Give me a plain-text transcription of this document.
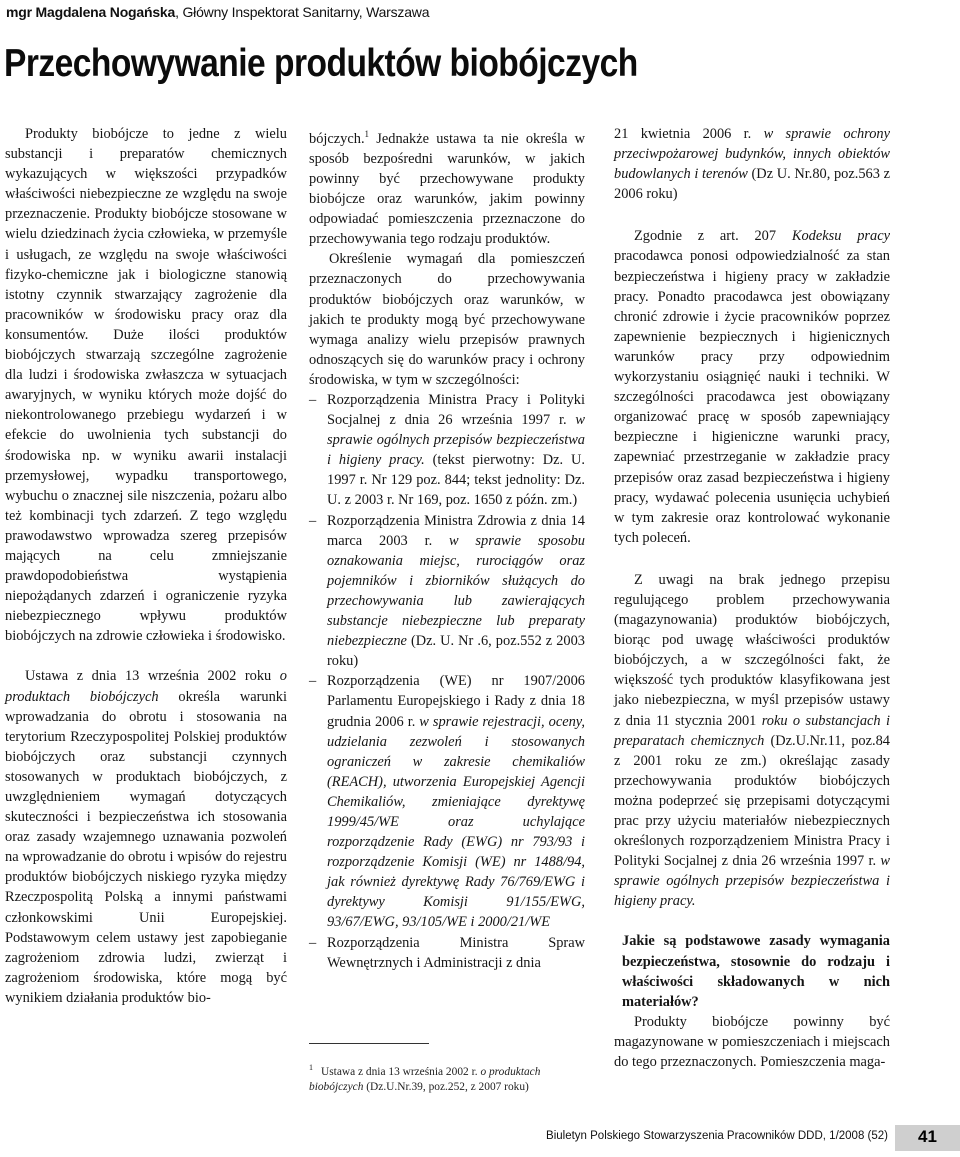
mgr Magdalena Nogańska, Główny Inspektorat Sanitarny, Warszawa
Przechowywanie produktów biobójczych

Produkty biobójcze to jedne z wielu substancji i preparatów chemicznych wykazujących w większości przypadków właściwości niebezpieczne ze względu na swoje przeznaczenie. Produkty biobójcze stosowane w wielu dziedzinach życia człowieka, w przemyśle i usługach, ze względu na swoje właściwości fizyko-chemiczne jak i biologiczne stanowią istotny czynnik stwarzający zagrożenie dla pracowników w środowisku pracy oraz dla konsumentów. Duże ilości produktów biobójczych stwarzają szczególne zagrożenie dla ludzi i środowiska zwłaszcza w sytuacjach awaryjnych, w wyniku których może dojść do niekontrolowanego przebiegu wydarzeń i w efekcie do uwolnienia tych substancji do środowiska np. w wyniku awarii instalacji przemysłowej, wypadku transportowego, wybuchu o znacznej sile niszczenia, pożaru albo też kombinacji tych zdarzeń. Z tego względu prawodawstwo wprowadza szereg przepisów mających na celu zmniejszanie prawdopodobieństwa wystąpienia niepożądanych zdarzeń i ograniczenie ryzyka niebezpiecznego wpływu produktów biobójczych na zdrowie człowieka i środowisko.

Ustawa z dnia 13 września 2002 roku o produktach biobójczych określa warunki wprowadzania do obrotu i stosowania na terytorium Rzeczypospolitej Polskiej produktów biobójczych oraz substancji czynnych stosowanych w produktach biobójczych, z uwzględnieniem wymagań dotyczących skuteczności i bezpieczeństwa ich stosowania oraz zasady wzajemnego uznawania pozwoleń na wprowadzanie do obrotu i wpisów do rejestru produktów biobójczych niskiego ryzyka między Rzeczpospolitą Polską a innymi państwami członkowskimi Unii Europejskiej. Podstawowym celem ustawy jest zapobieganie zagrożeniom zdrowia ludzi, zwierząt i zagrożeniom środowiska, które mogą być wynikiem działania produktów bio-

bójczych.$^1$ Jednakże ustawa ta nie określa w sposób bezpośredni warunków, w jakich powinny być przechowywane produkty biobójcze oraz warunków, jakim powinny odpowiadać pomieszczenia przeznaczone do przechowywania tego rodzaju produktów.

Określenie wymagań dla pomieszczeń przeznaczonych do przechowywania produktów biobójczych oraz warunków, w jakich te produkty mogą być przechowywane wymaga analizy wielu przepisów prawnych odnoszących się do warunków pracy i ochrony środowiska, w tym w szczególności:

– Rozporządzenia Ministra Pracy i Polityki Socjalnej z dnia 26 września 1997 r. w sprawie ogólnych przepisów bezpieczeństwa i higieny pracy. (tekst pierwotny: Dz. U. 1997 r. Nr 129 poz. 844; tekst jednolity: Dz. U. z 2003 r. Nr 169, poz. 1650 z późn. zm.)
– Rozporządzenia Ministra Zdrowia z dnia 14 marca 2003 r. w sprawie sposobu oznakowania miejsc, rurociągów oraz pojemników i zbiorników służących do przechowywania lub zawierających substancje niebezpieczne lub preparaty niebezpieczne (Dz. U. Nr .6, poz.552 z 2003 roku)
– Rozporządzenia (WE) nr 1907/2006 Parlamentu Europejskiego i Rady z dnia 18 grudnia 2006 r. w sprawie rejestracji, oceny, udzielania zezwoleń i stosowanych ograniczeń w zakresie chemikaliów (REACH), utworzenia Europejskiej Agencji Chemikaliów, zmieniające dyrektywę 1999/45/WE oraz uchylające rozporządzenie Rady (EWG) nr 793/93 i rozporządzenie Komisji (WE) nr 1488/94, jak również dyrektywę Rady 76/769/EWG i dyrektywy Komisji 91/155/EWG, 93/67/EWG, 93/105/WE i 2000/21/WE
– Rozporządzenia Ministra Spraw Wewnętrznych i Administracji z dnia

21 kwietnia 2006 r. w sprawie ochrony przeciwpożarowej budynków, innych obiektów budowlanych i terenów (Dz U. Nr.80, poz.563 z 2006 roku)

Zgodnie z art. 207 Kodeksu pracy pracodawca ponosi odpowiedzialność za stan bezpieczeństwa i higieny pracy w zakładzie pracy. Ponadto pracodawca jest obowiązany chronić zdrowie i życie pracowników poprzez zapewnienie bezpiecznych i higienicznych warunków pracy przy odpowiednim wykorzystaniu osiągnięć nauki i techniki. W szczególności pracodawca jest obowiązany organizować pracę w sposób zapewniający bezpieczne i higieniczne warunki pracy, zapewniać przestrzeganie w zakładzie pracy przepisów oraz zasad bezpieczeństwa i higieny pracy, wydawać polecenia usunięcia uchybień w tym zakresie oraz kontrolować wykonanie tych poleceń.

Z uwagi na brak jednego przepisu regulującego problem przechowywania (magazynowania) produktów biobójczych, biorąc pod uwagę właściwości produktów biobójczych, a w szczególności fakt, że większość tych produktów klasyfikowana jest jako niebezpieczna, w myśl przepisów ustawy z dnia 11 stycznia 2001 roku o substancjach i preparatach chemicznych (Dz.U.Nr.11, poz.84 z 2001 roku ze zm.) określając zasady przechowywania produktów biobójczych można podeprzeć się przepisami dotyczącymi prac przy użyciu materiałów niebezpiecznych określonych rozporządzeniem Ministra Pracy i Polityki Socjalnej z dnia 26 września 1997 r. w sprawie ogólnych przepisów bezpieczeństwa i higieny pracy.

Jakie są podstawowe zasady wymagania bezpieczeństwa, stosownie do rodzaju i właściwości składowanych w nich materiałów?

Produkty biobójcze powinny być magazynowane w pomieszczeniach i miejscach do tego przeznaczonych. Pomieszczenia maga-

$^1$ Ustawa z dnia 13 września 2002 r. o produktach biobójczych (Dz.U.Nr.39, poz.252, z 2007 roku)
Biuletyn Polskiego Stowarzyszenia Pracowników DDD, 1/2008 (52)	41
